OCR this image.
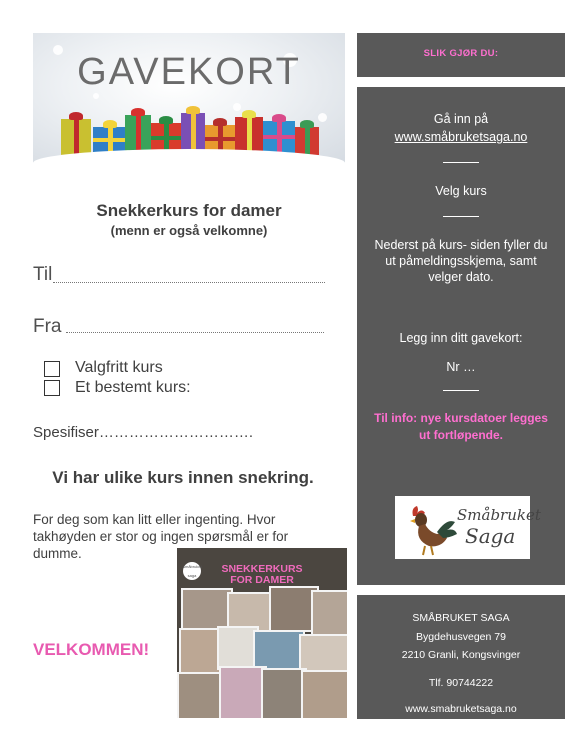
GAVEKORT
Snekkerkurs for damer
(menn er også velkomne)
Til
Fra
Valgfritt kurs
Et bestemt kurs:
Spesifiser………………………….
Vi har ulike kurs innen snekring.
For deg som kan litt eller ingenting. Hvor takhøyden er stor og ingen spørsmål er for dumme.
VELKOMMEN!
småbruket saga
SNEKKERKURS
FOR DAMER
SLIK GJØR DU:
Gå inn på
www.småbruketsaga.no
Velg kurs
Nederst på kurs- siden fyller du ut påmeldingsskjema, samt velger dato.
Legg inn ditt gavekort:
Nr …
Til info: nye kursdatoer legges ut fortløpende.
Småbruket
Saga
SMÅBRUKET SAGA
Bygdehusvegen 79
2210 Granli, Kongsvinger
Tlf. 90744222
www.smabruketsaga.no
